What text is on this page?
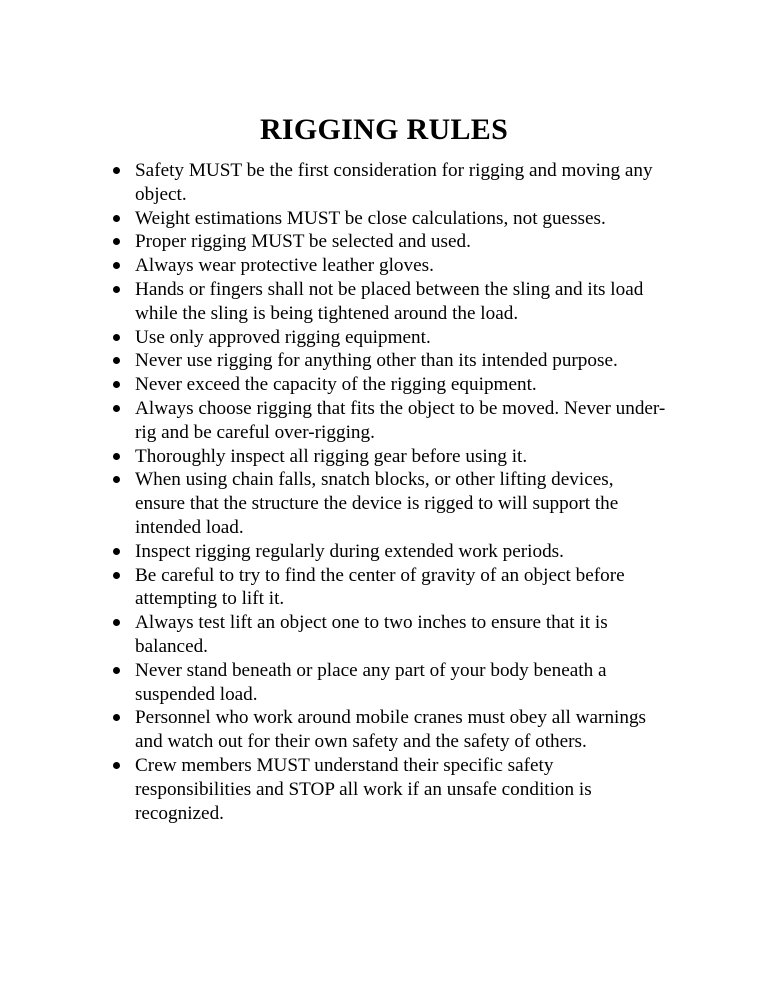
RIGGING RULES
Safety MUST be the first consideration for rigging and moving any object.
Weight estimations MUST be close calculations, not guesses.
Proper rigging MUST be selected and used.
Always wear protective leather gloves.
Hands or fingers shall not be placed between the sling and its load while the sling is being tightened around the load.
Use only approved rigging equipment.
Never use rigging for anything other than its intended purpose.
Never exceed the capacity of the rigging equipment.
Always choose rigging that fits the object to be moved. Never under-rig and be careful over-rigging.
Thoroughly inspect all rigging gear before using it.
When using chain falls, snatch blocks, or other lifting devices, ensure that the structure the device is rigged to will support the intended load.
Inspect rigging regularly during extended work periods.
Be careful to try to find the center of gravity of an object before attempting to lift it.
Always test lift an object one to two inches to ensure that it is balanced.
Never stand beneath or place any part of your body beneath a suspended load.
Personnel who work around mobile cranes must obey all warnings and watch out for their own safety and the safety of others.
Crew members MUST understand their specific safety responsibilities and STOP all work if an unsafe condition is recognized.
